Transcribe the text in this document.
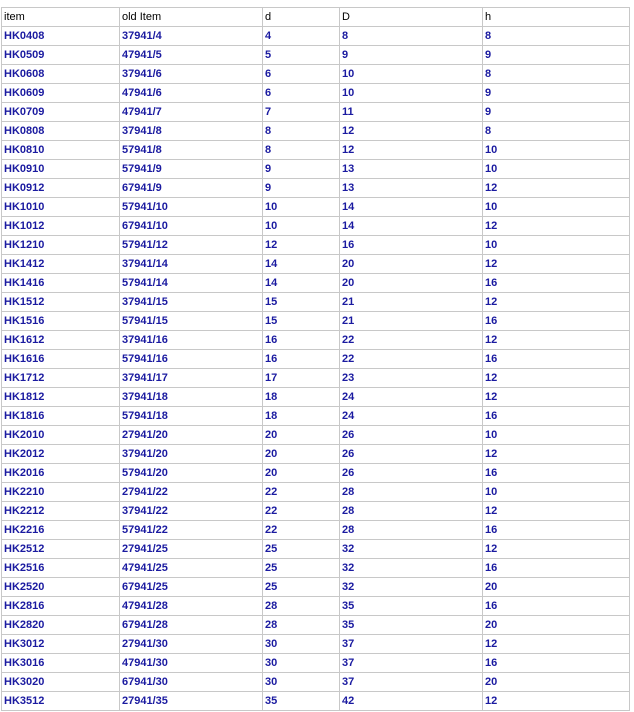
item	old Item	d	D	h
HK0408	37941/4	4	8	8
HK0509	47941/5	5	9	9
HK0608	37941/6	6	10	8
HK0609	47941/6	6	10	9
HK0709	47941/7	7	11	9
HK0808	37941/8	8	12	8
HK0810	57941/8	8	12	10
HK0910	57941/9	9	13	10
HK0912	67941/9	9	13	12
HK1010	57941/10	10	14	10
HK1012	67941/10	10	14	12
HK1210	57941/12	12	16	10
HK1412	37941/14	14	20	12
HK1416	57941/14	14	20	16
HK1512	37941/15	15	21	12
HK1516	57941/15	15	21	16
HK1612	37941/16	16	22	12
HK1616	57941/16	16	22	16
HK1712	37941/17	17	23	12
HK1812	37941/18	18	24	12
HK1816	57941/18	18	24	16
HK2010	27941/20	20	26	10
HK2012	37941/20	20	26	12
HK2016	57941/20	20	26	16
HK2210	27941/22	22	28	10
HK2212	37941/22	22	28	12
HK2216	57941/22	22	28	16
HK2512	27941/25	25	32	12
HK2516	47941/25	25	32	16
HK2520	67941/25	25	32	20
HK2816	47941/28	28	35	16
HK2820	67941/28	28	35	20
HK3012	27941/30	30	37	12
HK3016	47941/30	30	37	16
HK3020	67941/30	30	37	20
HK3512	27941/35	35	42	12
